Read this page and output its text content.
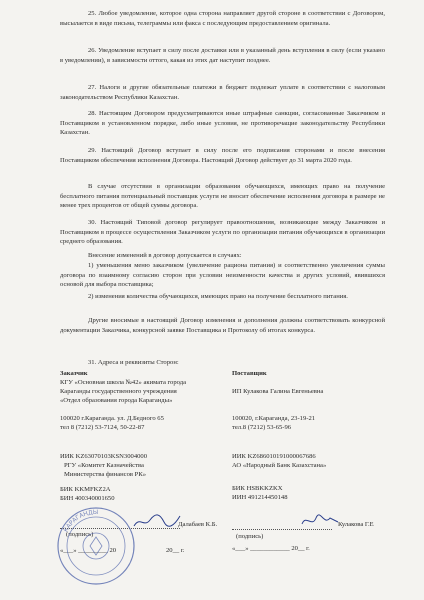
25. Любое уведомление, которое одна сторона направляет другой стороне в соответствии с Договором, высылается в виде письма, телеграммы или факса с последующим предоставлением оригинала.

26. Уведомление вступает в силу после доставки или в указанный день вступления в силу (если указано в уведомлении), в зависимости оттого, какая из этих дат наступит позднее.

27. Налоги и другие обязательные платежи в бюджет подлежат уплате в соответствии с налоговым законодательством Республики Казахстан.

28. Настоящим Договором предусматриваются иные штрафные санкции, согласованные Заказчиком и Поставщиком в установленном порядке, либо иные условия, не противоречащие законодательству Республики Казахстан.

29. Настоящий Договор вступает в силу после его подписания сторонами и после внесения Поставщиком обеспечения исполнения Договора. Настоящий Договор действует до 31 марта 2020 года.

В случае отсутствия в организации образования обучающихся, имеющих право на получение бесплатного питания потенциальный поставщик услуги не вносит обеспечение исполнения договора в размере не менее трех процентов от общей суммы договора.

30. Настоящий Типовой договор регулирует правоотношения, возникающие между Заказчиком и Поставщиком в процессе осуществления Заказчиком услуги по организации питания обучающихся в организации среднего образования.

Внесение изменений в договор допускается в случаях:

1) уменьшения меню заказчиком (увеличение рациона питания) и соответственно увеличения суммы договора по взаимному согласию сторон при условии неизменности качества и других условий, явившихся основой для выбора поставщика;

2) изменения количества обучающихся, имеющих право на получение бесплатного питания.

Другие вносимые в настоящий Договор изменения и дополнения должны соответствовать конкурсной документации Заказчика, конкурсной заявке Поставщика и Протоколу об итогах конкурса.

31. Адреса и реквизиты Сторон:

Заказчик
КГУ «Основная школа №42» акимата города
Караганды государственного учреждения
«Отдел образования города Караганды»
100020 г.Караганда. ул. Д.Бедного 65
тел 8 (7212) 53-7124, 50-22-87
ИИК KZ63070103KSN3004000
РГУ «Комитет Казначейства
Министерства финансов РК»
БИК KKMFKZ2A
БИН 400340001650
Поставщик
ИП Кулакова Галина Евгеньевна
100020, г.Караганда, 23-19-21
тел.8 (7212) 53-65-96
ИИК KZ686010191000067686
АО «Народный Банк Казахстана»
БИК HSBKKZKX
ИИН 491214450148
(подпись)
Далабаев К.Б.
«___» _________ 20	20__ г.
Кулакова Г.Е
(подпись)
«___» ____________ 20__ г.
КАРАГАНДЫ
